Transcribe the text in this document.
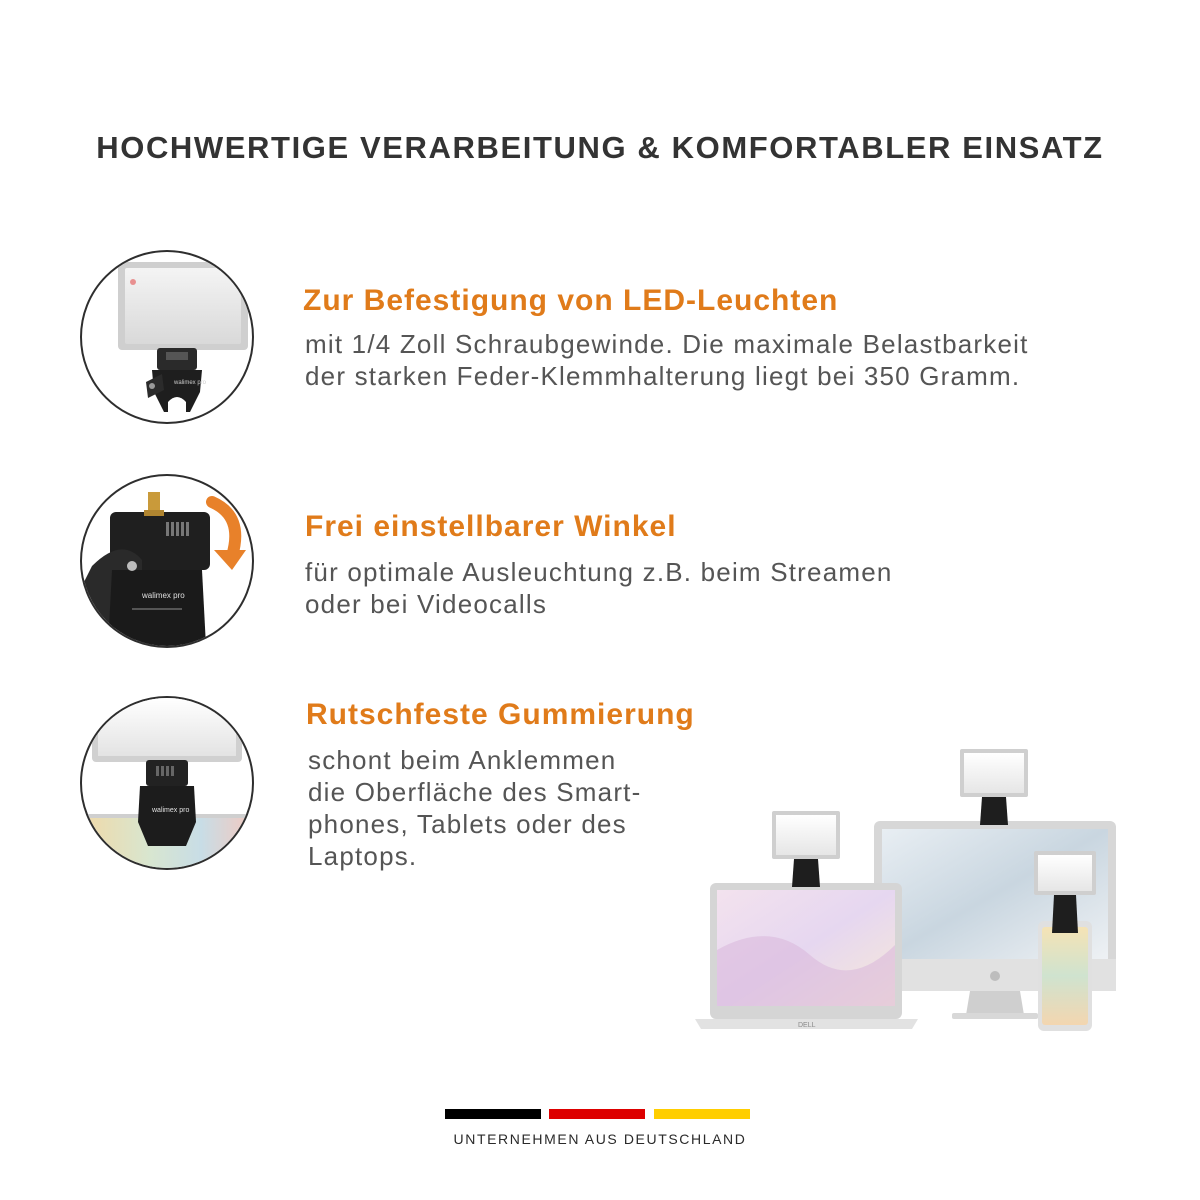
HOCHWERTIGE VERARBEITUNG & KOMFORTABLER EINSATZ
walimex pro
Zur Befestigung von LED-Leuchten
mit 1/4 Zoll Schraubgewinde. Die maximale Belastbarkeit
der starken Feder-Klemmhalterung liegt bei 350 Gramm.
walimex pro
Frei einstellbarer Winkel
für optimale Ausleuchtung z.B. beim Streamen
oder bei Videocalls
walimex pro
Rutschfeste Gummierung
schont beim Anklemmen
die Oberfläche des Smart-
phones, Tablets oder des
Laptops.
DELL
UNTERNEHMEN AUS DEUTSCHLAND
